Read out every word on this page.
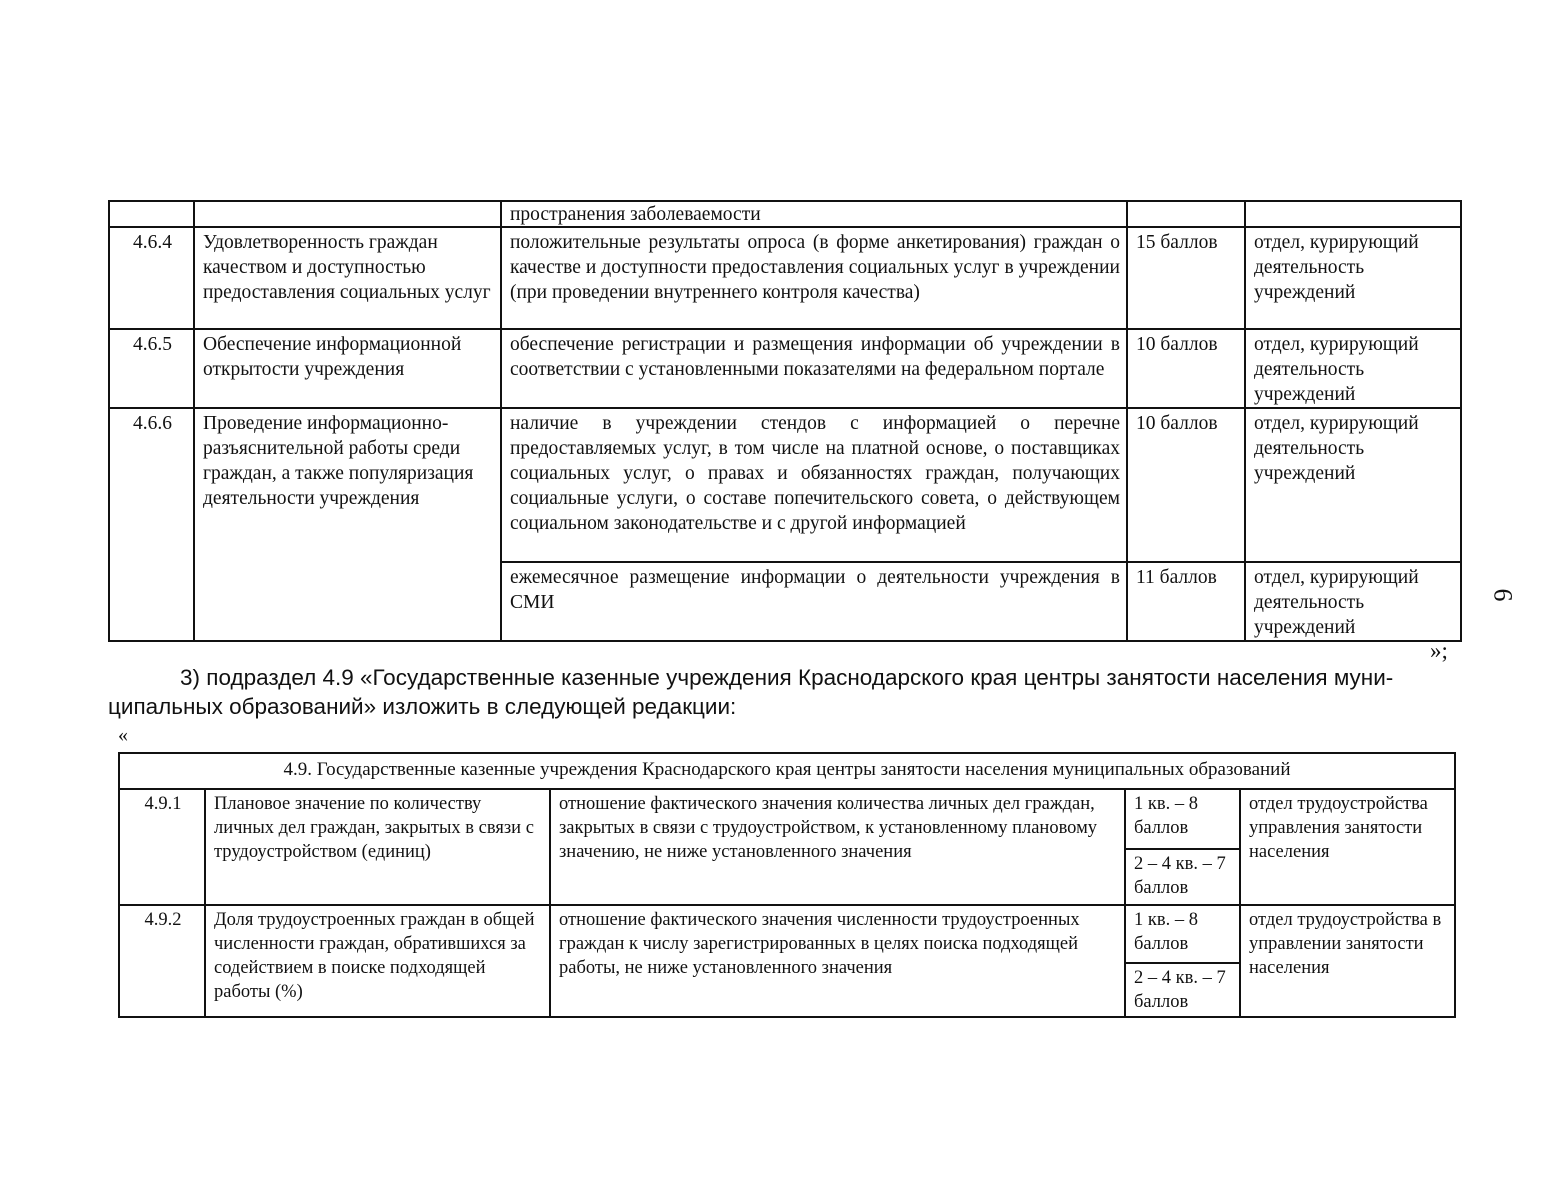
		пространения заболеваемости		

4.6.4	Удовлетворенность граждан качеством и доступностью предоставления социальных услуг	положительные результаты опроса (в форме анкетирования) граждан о качестве и доступности предоставления социальных услуг в учреждении (при проведении внутреннего контроля качества)	15 баллов	отдел, курирующий деятельность учреждений

4.6.5	Обеспечение информационной открытости учреждения	обеспечение регистрации и размещения информации об учреждении в соответствии с установленными показателями на федеральном портале	10 баллов	отдел, курирующий деятельность учреждений

4.6.6	Проведение информационно-разъяснительной работы среди граждан, а также популяризация деятельности учреждения	наличие в учреждении стендов с информацией о перечне предоставляемых услуг, в том числе на платной основе, о поставщиках социальных услуг, о правах и обязанностях граждан, получающих социальные услуги, о составе попечительского совета, о действующем социальном законодательстве и с другой информацией	10 баллов	отдел, курирующий деятельность учреждений

		ежемесячное размещение информации о деятельности учреждения в СМИ	11 баллов	отдел, курирующий деятельность учреждений
»;
3) подраздел 4.9 «Государственные казенные учреждения Краснодарского края центры занятости населения муни-
ципальных образований» изложить в следующей редакции:
«
4.9. Государственные казенные учреждения Краснодарского края центры занятости населения муниципальных образований				

4.9.1	Плановое значение по количеству личных дел граждан, закрытых в связи с трудоустройством (единиц)	отношение фактического значения количества личных дел граждан, закрытых в связи с трудоустройством, к установленному плановому значению, не ниже установленного значения	1 кв. – 8 баллов	отдел трудоустройства управления занятости населения

			2 – 4 кв. – 7 баллов	

4.9.2	Доля трудоустроенных граждан в общей численности граждан, обратившихся за содействием в поиске подходящей работы (%)	отношение фактического значения численности трудоустроенных граждан к числу зарегистрированных в целях поиска подходящей работы, не ниже установленного значения	1 кв. – 8 баллов	отдел трудоустройства в управлении занятости населения

			2 – 4 кв. – 7 баллов	
6
